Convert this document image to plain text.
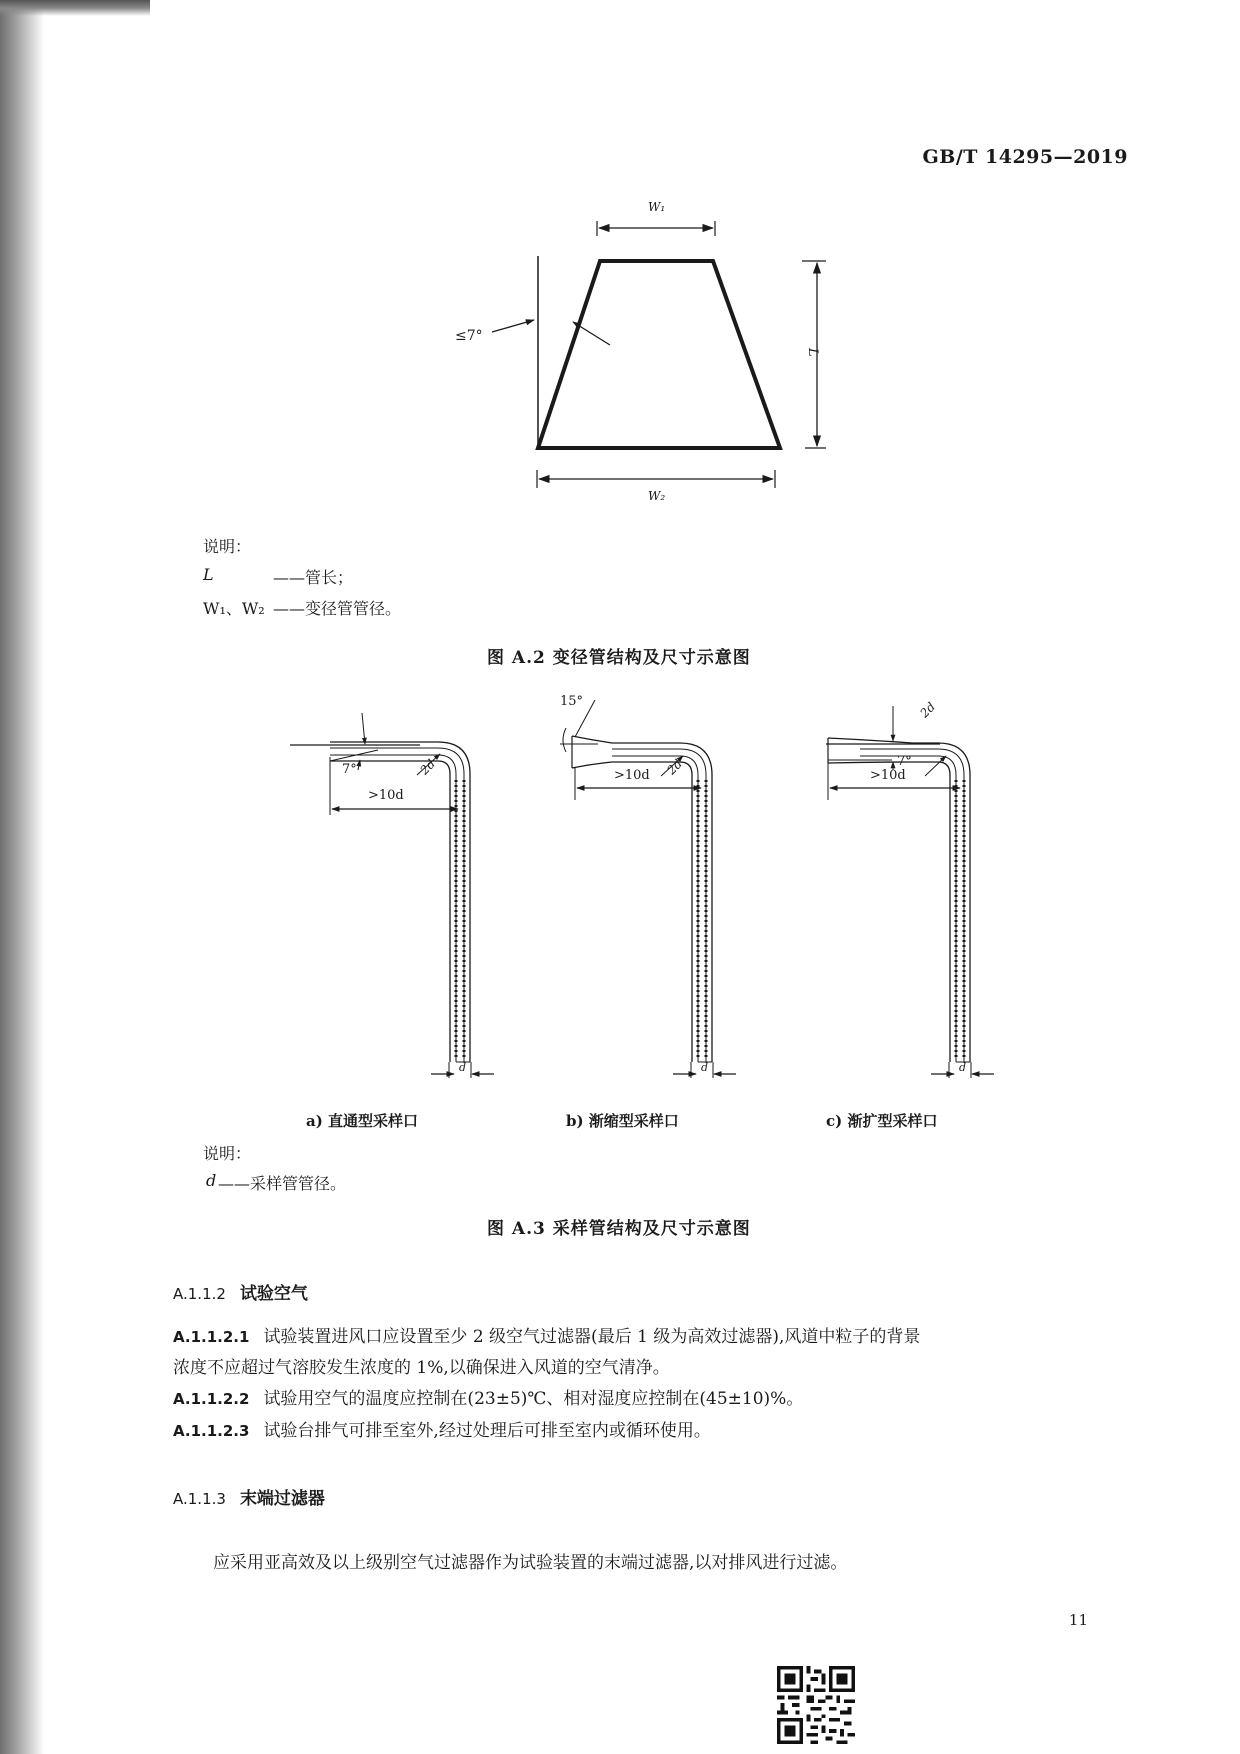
GB/T 14295—2019
W₁
W₂
L
≤7°
说明：
L	——管长；
W₁、W₂ ——变径管管径。
图 A.2 变径管结构及尺寸示意图
7°	2d
>10d
d
15°
2d
>10d
d
7°
2d
>10d
d
a) 直通型采样口	b) 渐缩型采样口	c) 渐扩型采样口
说明：
d ——采样管管径。
图 A.3 采样管结构及尺寸示意图
A.1.1.2 试验空气
A.1.1.2.1 试验装置进风口应设置至少 2 级空气过滤器(最后 1 级为高效过滤器),风道中粒子的背景
浓度不应超过气溶胶发生浓度的 1%,以确保进入风道的空气清净。
A.1.1.2.2 试验用空气的温度应控制在(23±5)℃、相对湿度应控制在(45±10)%。
A.1.1.2.3 试验台排气可排至室外,经过处理后可排至室内或循环使用。
A.1.1.3 末端过滤器
应采用亚高效及以上级别空气过滤器作为试验装置的末端过滤器,以对排风进行过滤。
11
